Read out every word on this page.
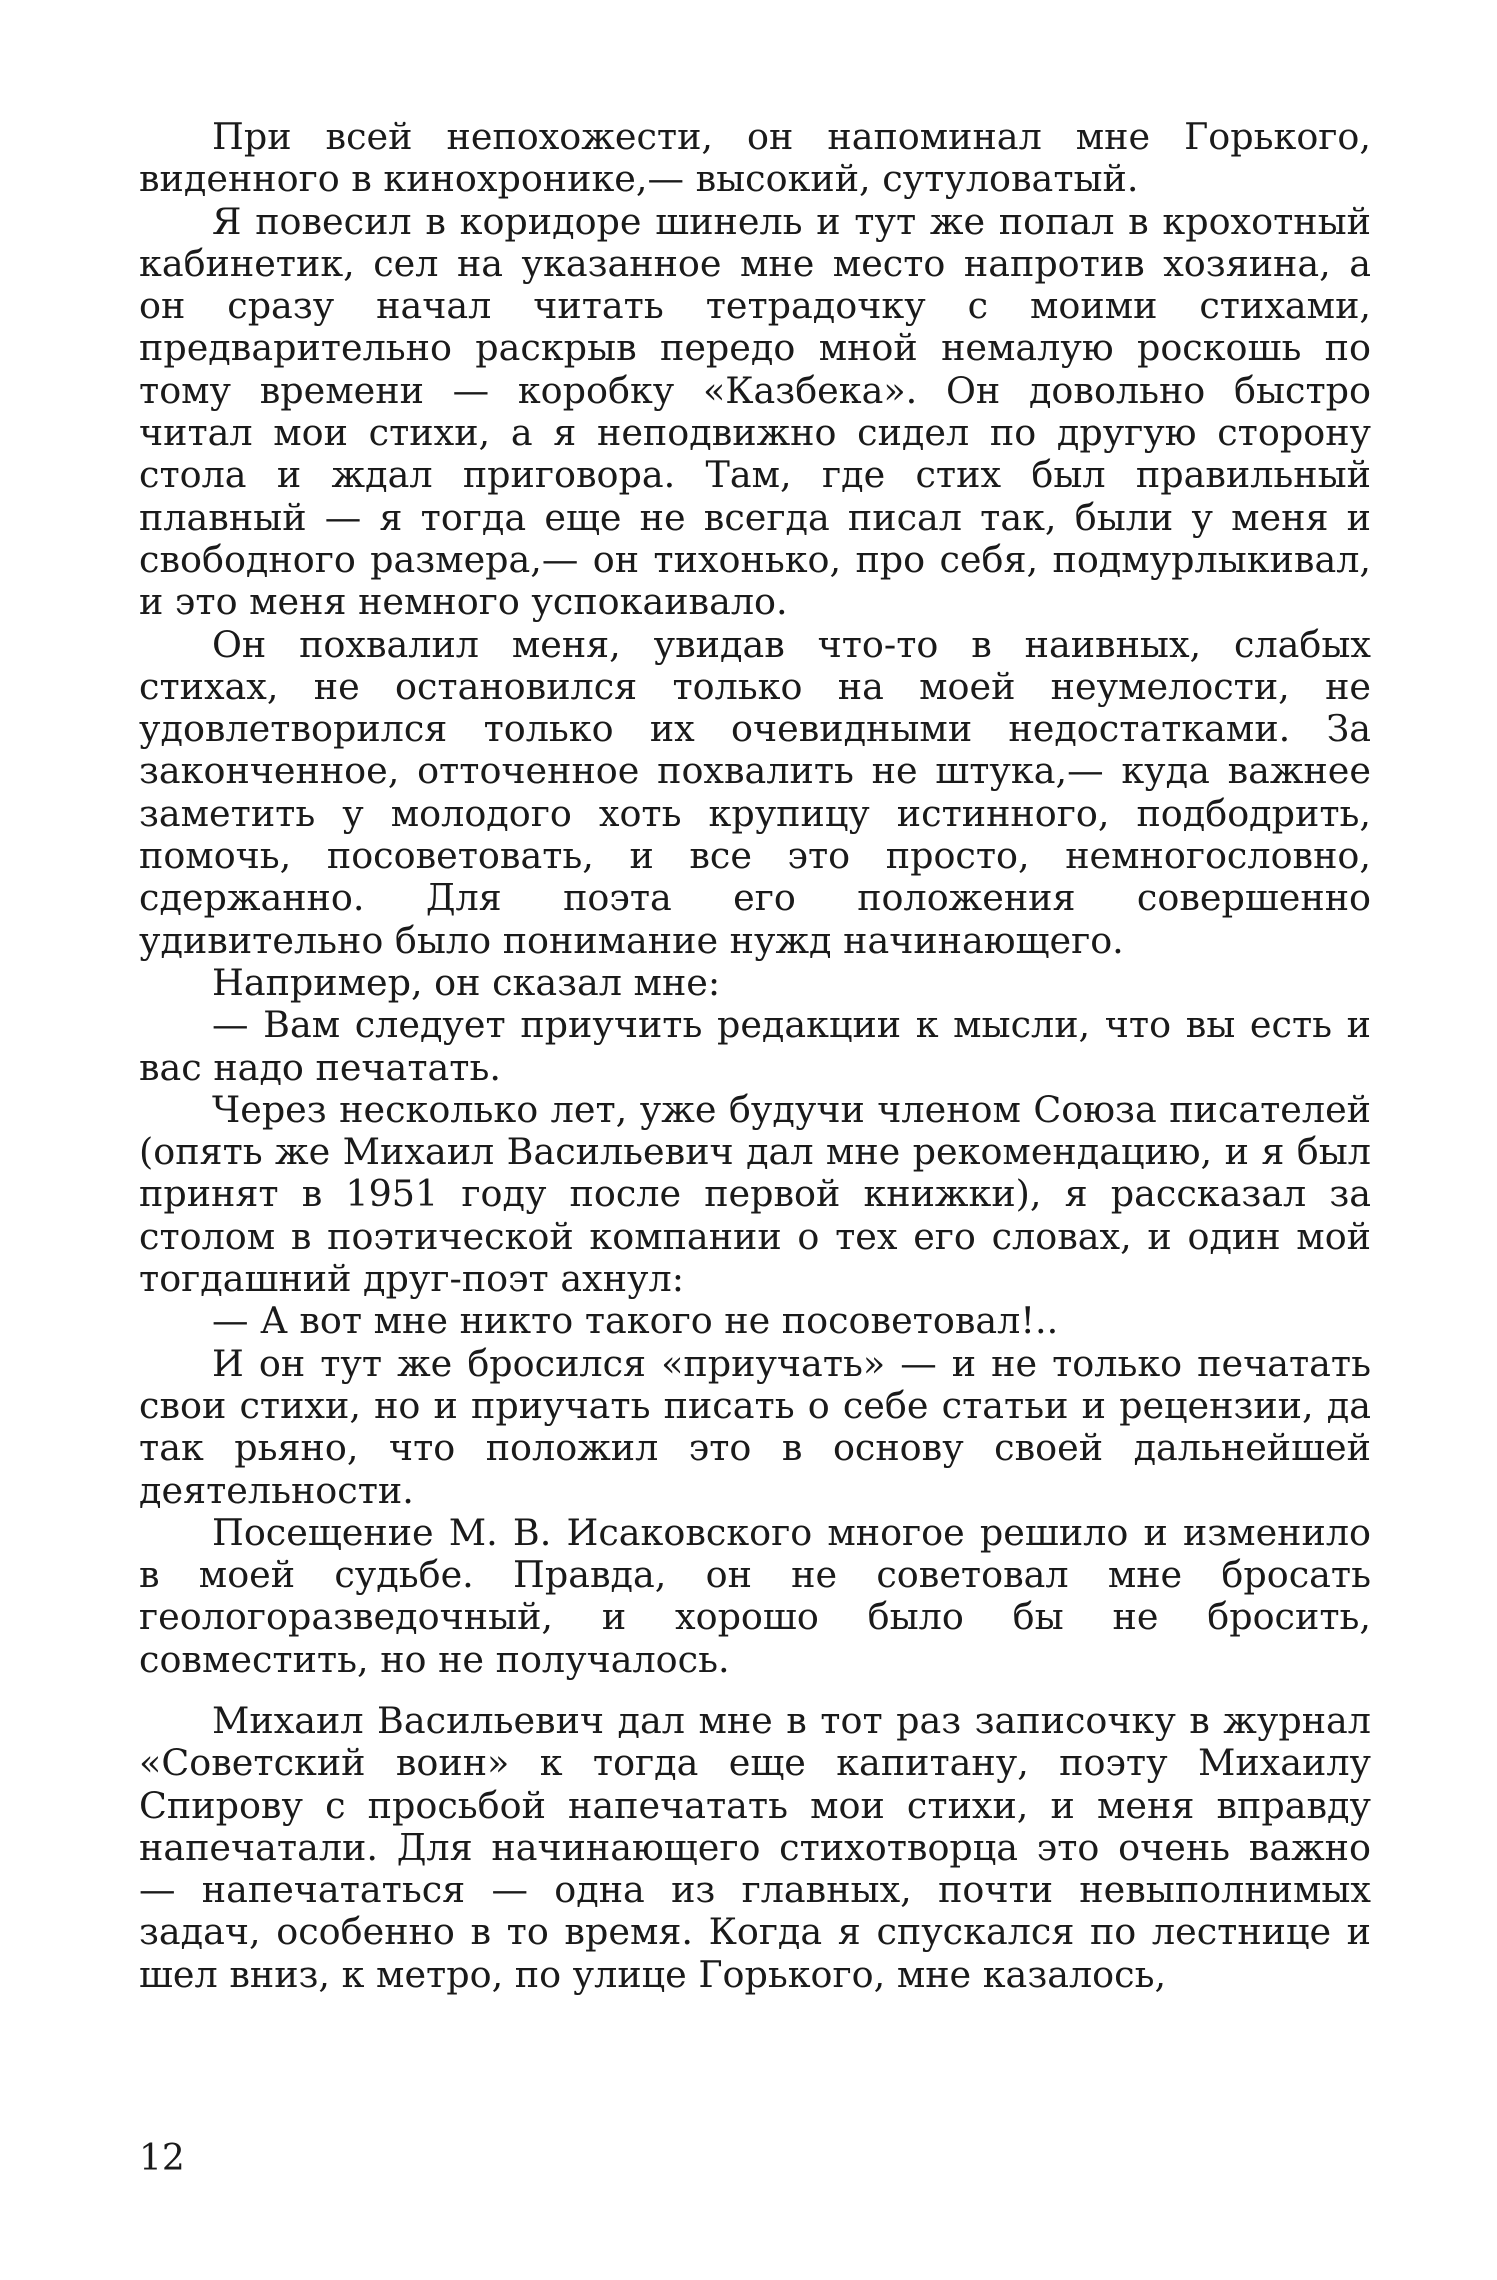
При всей непохожести, он напоминал мне Горького, виденного в кинохронике,— высокий, сутуловатый.

Я повесил в коридоре шинель и тут же попал в крохотный кабинетик, сел на указанное мне место напротив хозяина, а он сразу начал читать тетрадочку с моими стихами, предварительно раскрыв передо мной немалую роскошь по тому времени — коробку «Казбека». Он довольно быстро читал мои стихи, а я неподвижно сидел по другую сторону стола и ждал приговора. Там, где стих был правильный плавный — я тогда еще не всегда писал так, были у меня и свободного размера,— он тихонько, про себя, подмурлыкивал, и это меня немного успокаивало.

Он похвалил меня, увидав что-то в наивных, слабых стихах, не остановился только на моей неумелости, не удовлетворился только их очевидными недостатками. За законченное, отточенное похвалить не штука,— куда важнее заметить у молодого хоть крупицу истинного, подбодрить, помочь, посоветовать, и все это просто, немногословно, сдержанно. Для поэта его положения совершенно удивительно было понимание нужд начинающего.

Например, он сказал мне:

— Вам следует приучить редакции к мысли, что вы есть и вас надо печатать.

Через несколько лет, уже будучи членом Союза писателей (опять же Михаил Васильевич дал мне рекомендацию, и я был принят в 1951 году после первой книжки), я рассказал за столом в поэтической компании о тех его словах, и один мой тогдашний друг-поэт ахнул:

— А вот мне никто такого не посоветовал!..

И он тут же бросился «приучать» — и не только печатать свои стихи, но и приучать писать о себе статьи и рецензии, да так рьяно, что положил это в основу своей дальнейшей деятельности.

Посещение М. В. Исаковского многое решило и изменило в моей судьбе. Правда, он не советовал мне бросать геологоразведочный, и хорошо было бы не бросить, совместить, но не получалось.

Михаил Васильевич дал мне в тот раз записочку в журнал «Советский воин» к тогда еще капитану, поэту Михаилу Спирову с просьбой напечатать мои стихи, и меня вправду напечатали. Для начинающего стихотворца это очень важно — напечататься — одна из главных, почти невыполнимых задач, особенно в то время. Когда я спускался по лестнице и шел вниз, к метро, по улице Горького, мне казалось,

12
